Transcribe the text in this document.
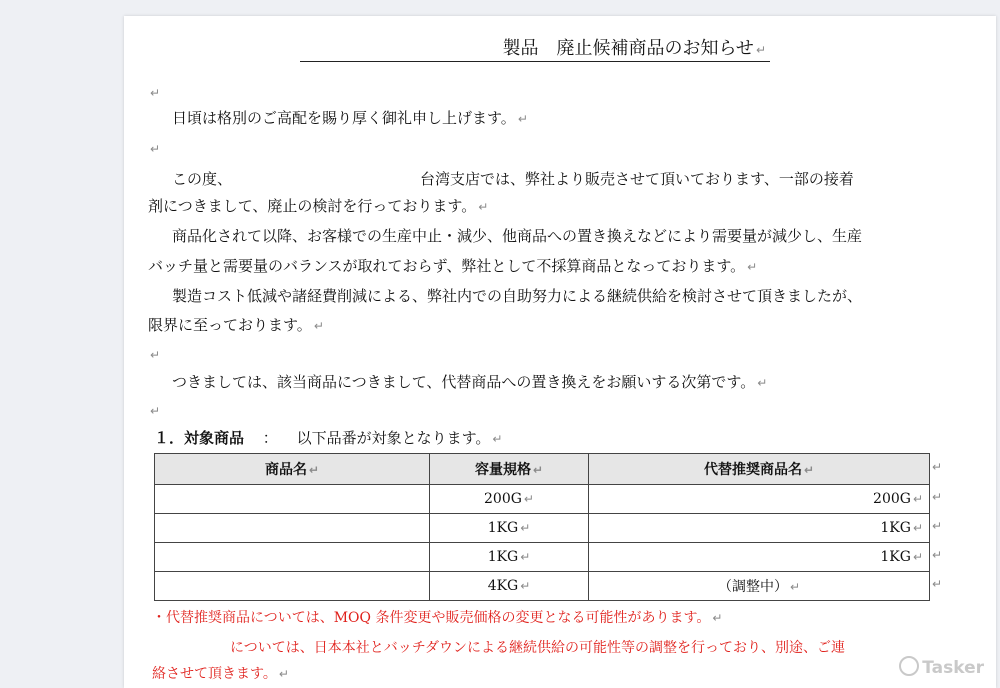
製品　廃止候補商品のお知らせ ↵
↵
日頃は格別のご高配を賜り厚く御礼申し上げます。 ↵
↵
この度、	台湾支店では、弊社より販売させて頂いております、一部の接着
剤につきまして、廃止の検討を行っております。 ↵
商品化されて以降、お客様での生産中止・減少、他商品への置き換えなどにより需要量が減少し、生産
バッチ量と需要量のバランスが取れておらず、弊社として不採算商品となっております。 ↵
製造コスト低減や諸経費削減による、弊社内での自助努力による継続供給を検討させて頂きましたが、
限界に至っております。 ↵
↵
つきましては、該当商品につきまして、代替商品への置き換えをお願いする次第です。 ↵
↵
１．対象商品 ： 以下品番が対象となります。 ↵
商品名 ↵	容量規格 ↵	代替推奨商品名 ↵
	200G ↵	200G ↵
	1KG ↵	1KG ↵
	1KG ↵	1KG ↵
	4KG ↵	（調整中） ↵
↵
↵
↵
↵
↵
・代替推奨商品については、MOQ 条件変更や販売価格の変更となる可能性があります。 ↵
については、日本本社とバッチダウンによる継続供給の可能性等の調整を行っており、別途、ご連
絡させて頂きます。 ↵	Tasker
